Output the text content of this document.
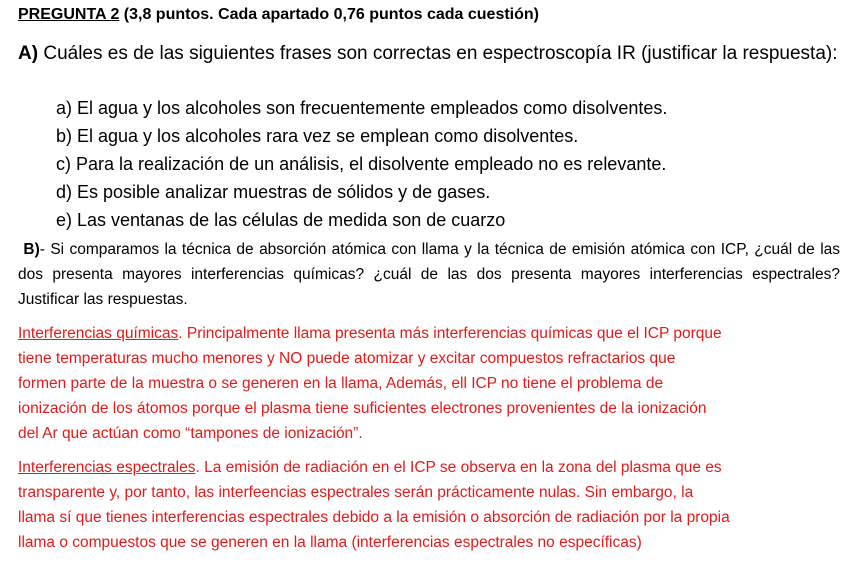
PREGUNTA 2 (3,8 puntos. Cada apartado 0,76 puntos cada cuestión)
A) Cuáles es de las siguientes frases son correctas en espectroscopía IR (justificar la respuesta):
a) El agua y los alcoholes son frecuentemente empleados como disolventes.
b) El agua y los alcoholes rara vez se emplean como disolventes.
c) Para la realización de un análisis, el disolvente empleado no es relevante.
d) Es posible analizar muestras de sólidos y de gases.
e) Las ventanas de las células de medida son de cuarzo
B)- Si comparamos la técnica de absorción atómica con llama y la técnica de emisión atómica con ICP, ¿cuál de las dos presenta mayores interferencias químicas? ¿cuál de las dos presenta mayores interferencias espectrales? Justificar las respuestas.
Interferencias químicas. Principalmente llama presenta más interferencias químicas que el ICP porque
tiene temperaturas mucho menores y NO puede atomizar y excitar compuestos refractarios que
formen parte de la muestra o se generen en la llama, Además, ell ICP no tiene el problema de
ionización de los átomos porque el plasma tiene suficientes electrones provenientes de la ionización
del Ar que actúan como “tampones de ionización”.
Interferencias espectrales. La emisión de radiación en el ICP se observa en la zona del plasma que es
transparente y, por tanto, las interfeencias espectrales serán prácticamente nulas. Sin embargo, la
llama sí que tienes interferencias espectrales debido a la emisión o absorción de radiación por la propia
llama o compuestos que se generen en la llama (interferencias espectrales no específicas)
